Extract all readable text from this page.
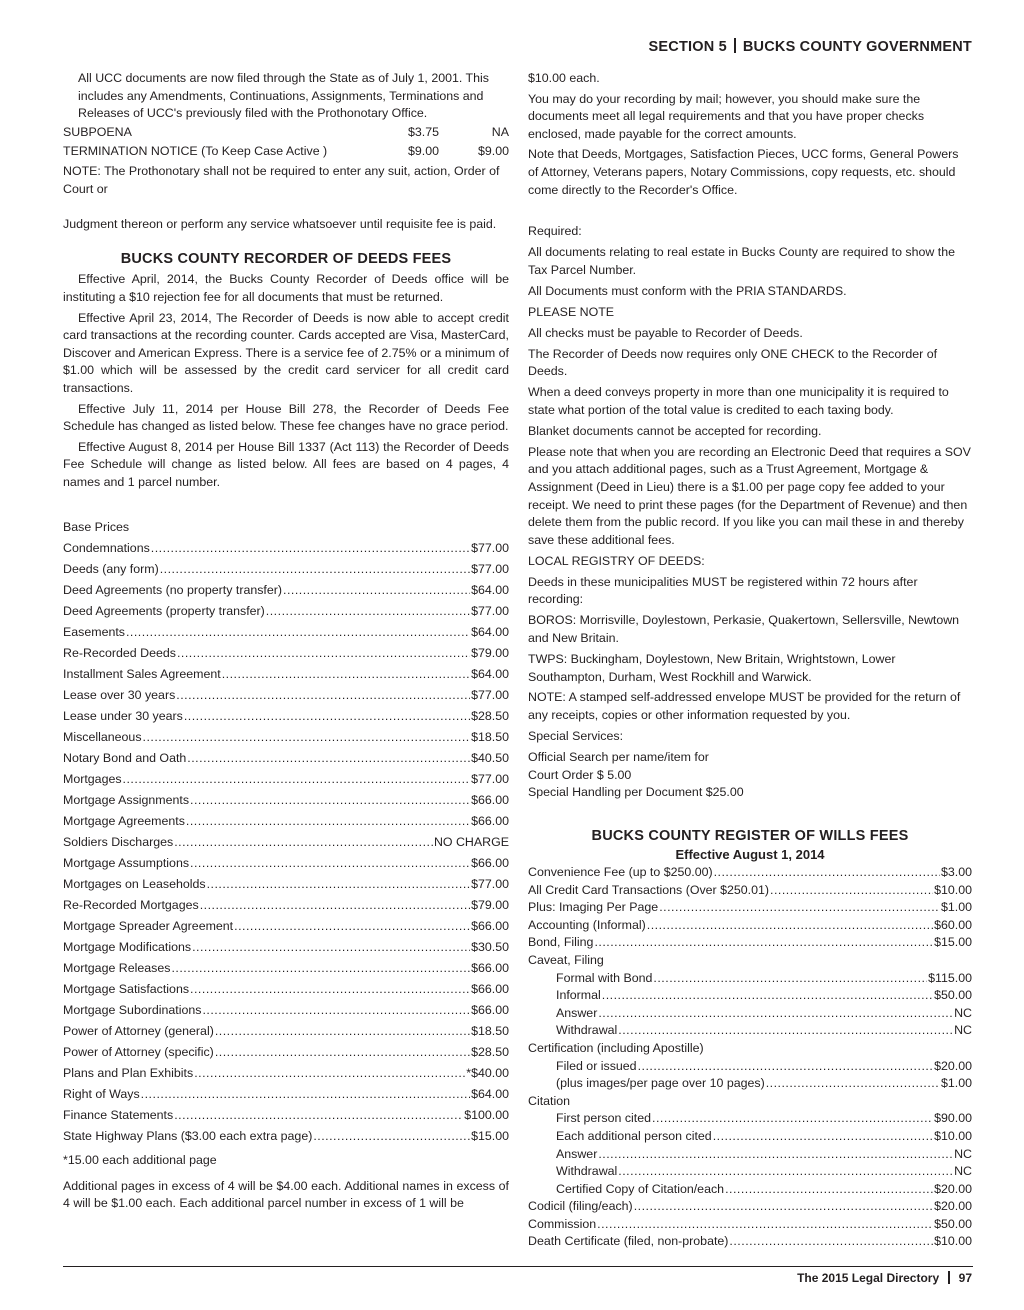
SECTION 5 BUCKS COUNTY GOVERNMENT

All UCC documents are now filed through the State as of July 1, 2001. This includes any Amendments, Continuations, Assignments, Terminations and Releases of UCC's previously filed with the Prothonotary Office.

SUBPOENA	$3.75	NA
TERMINATION NOTICE (To Keep Case Active )	$9.00	$9.00

NOTE: The Prothonotary shall not be required to enter any suit, action, Order of Court or

Judgment thereon or perform any service whatsoever until requisite fee is paid.

BUCKS COUNTY RECORDER OF DEEDS FEES

Effective April, 2014, the Bucks County Recorder of Deeds office will be instituting a $10 rejection fee for all documents that must be returned.

Effective April 23, 2014, The Recorder of Deeds is now able to accept credit card transactions at the recording counter. Cards accepted are Visa, MasterCard, Discover and American Express. There is a service fee of 2.75% or a minimum of $1.00 which will be assessed by the credit card servicer for all credit card transactions.

Effective July 11, 2014 per House Bill 278, the Recorder of Deeds Fee Schedule has changed as listed below. These fee changes have no grace period.

Effective August 8, 2014 per House Bill 1337 (Act 113) the Recorder of Deeds Fee Schedule will change as listed below. All fees are based on 4 pages, 4 names and 1 parcel number.

Base Prices

Condemnations .....	$77.00
Deeds (any form) .....	$77.00
Deed Agreements (no property transfer) .....	$64.00
Deed Agreements (property transfer) .....	$77.00
Easements .....	$64.00
Re-Recorded Deeds .....	$79.00
Installment Sales Agreement .....	$64.00
Lease over 30 years .....	$77.00
Lease under 30 years .....	$28.50
Miscellaneous .....	$18.50
Notary Bond and Oath .....	$40.50
Mortgages .....	$77.00
Mortgage Assignments .....	$66.00
Mortgage Agreements .....	$66.00
Soldiers Discharges .....	NO CHARGE
Mortgage Assumptions .....	$66.00
Mortgages on Leaseholds .....	$77.00
Re-Recorded Mortgages .....	$79.00
Mortgage Spreader Agreement .....	$66.00
Mortgage Modifications .....	$30.50
Mortgage Releases .....	$66.00
Mortgage Satisfactions .....	$66.00
Mortgage Subordinations .....	$66.00
Power of Attorney (general) .....	$18.50
Power of Attorney (specific) .....	$28.50
Plans and Plan Exhibits .....	*$40.00
Right of Ways .....	$64.00
Finance Statements .....	$100.00
State Highway Plans ($3.00 each extra page) .....	$15.00

*15.00 each additional page

Additional pages in excess of 4 will be $4.00 each. Additional names in excess of 4 will be $1.00 each. Each additional parcel number in excess of 1 will be

$10.00 each.

You may do your recording by mail; however, you should make sure the documents meet all legal requirements and that you have proper checks enclosed, made payable for the correct amounts.

Note that Deeds, Mortgages, Satisfaction Pieces, UCC forms, General Powers of Attorney, Veterans papers, Notary Commissions, copy requests, etc. should come directly to the Recorder's Office.

Required:

All documents relating to real estate in Bucks County are required to show the Tax Parcel Number.

All Documents must conform with the PRIA STANDARDS.

PLEASE NOTE

All checks must be payable to Recorder of Deeds.

The Recorder of Deeds now requires only ONE CHECK to the Recorder of Deeds.

When a deed conveys property in more than one municipality it is required to state what portion of the total value is credited to each taxing body.

Blanket documents cannot be accepted for recording.

Please note that when you are recording an Electronic Deed that requires a SOV and you attach additional pages, such as a Trust Agreement, Mortgage & Assignment (Deed in Lieu) there is a $1.00 per page copy fee added to your receipt. We need to print these pages (for the Department of Revenue) and then delete them from the public record. If you like you can mail these in and thereby save these additional fees.

LOCAL REGISTRY OF DEEDS:

Deeds in these municipalities MUST be registered within 72 hours after recording:

BOROS: Morrisville, Doylestown, Perkasie, Quakertown, Sellersville, Newtown and New Britain.

TWPS: Buckingham, Doylestown, New Britain, Wrightstown, Lower Southampton, Durham, West Rockhill and Warwick.

NOTE: A stamped self-addressed envelope MUST be provided for the return of any receipts, copies or other information requested by you.

Special Services:

Official Search per name/item for

Court Order $ 5.00

Special Handling per Document $25.00

BUCKS COUNTY REGISTER OF WILLS FEES
Effective August 1, 2014
Convenience Fee (up to $250.00) .....	$3.00
All Credit Card Transactions (Over $250.01) .....	$10.00
Plus: Imaging Per Page .....	$1.00
Accounting (Informal) .....	$60.00
Bond, Filing .....	$15.00
Caveat, Filing
Formal with Bond .....	$115.00
Informal .....	$50.00
Answer .....	NC
Withdrawal .....	NC
Certification (including Apostille)
Filed or issued .....	$20.00
(plus images/per page over 10 pages) .....	$1.00
Citation
First person cited .....	$90.00
Each additional person cited .....	$10.00
Answer .....	NC
Withdrawal .....	NC
Certified Copy of Citation/each .....	$20.00
Codicil (filing/each) .....	$20.00
Commission .....	$50.00
Death Certificate (filed, non-probate) .....	$10.00
The 2015 Legal Directory 97
